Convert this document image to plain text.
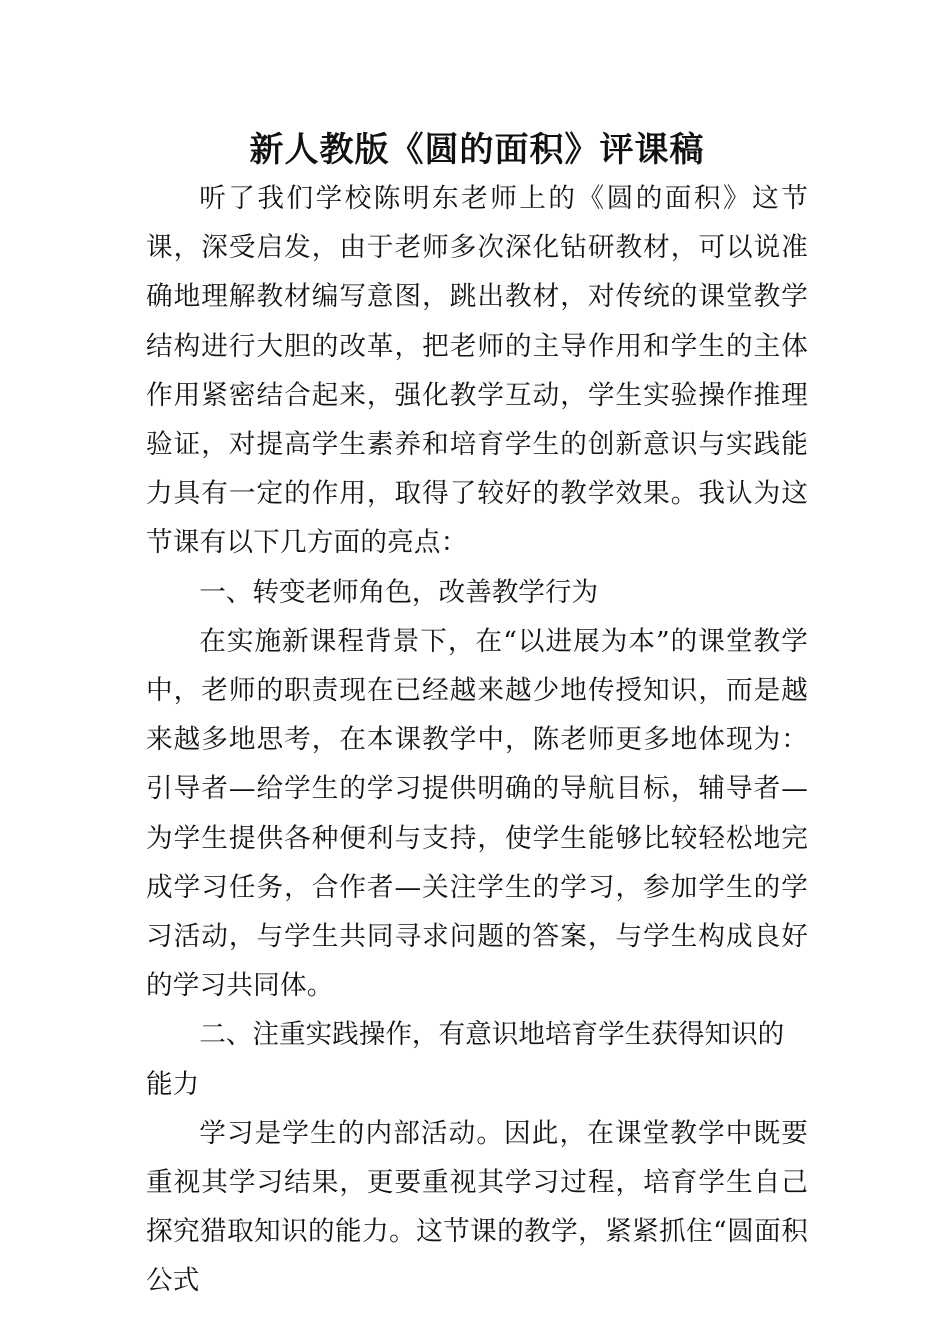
新人教版《圆的面积》评课稿

听了我们学校陈明东老师上的《圆的面积》这节课，深受启发，由于老师多次深化钻研教材，可以说准确地理解教材编写意图，跳出教材，对传统的课堂教学结构进行大胆的改革，把老师的主导作用和学生的主体作用紧密结合起来，强化教学互动，学生实验操作推理验证，对提高学生素养和培育学生的创新意识与实践能力具有一定的作用，取得了较好的教学效果。我认为这节课有以下几方面的亮点：

一、转变老师角色，改善教学行为

在实施新课程背景下，在“以进展为本”的课堂教学中，老师的职责现在已经越来越少地传授知识，而是越来越多地思考，在本课教学中，陈老师更多地体现为：引导者—给学生的学习提供明确的导航目标，辅导者—为学生提供各种便利与支持，使学生能够比较轻松地完成学习任务，合作者—关注学生的学习，参加学生的学习活动，与学生共同寻求问题的答案，与学生构成良好的学习共同体。

二、注重实践操作，有意识地培育学生获得知识的能力

学习是学生的内部活动。因此，在课堂教学中既要重视其学习结果，更要重视其学习过程，培育学生自己探究猎取知识的能力。这节课的教学，紧紧抓住“圆面积公式
